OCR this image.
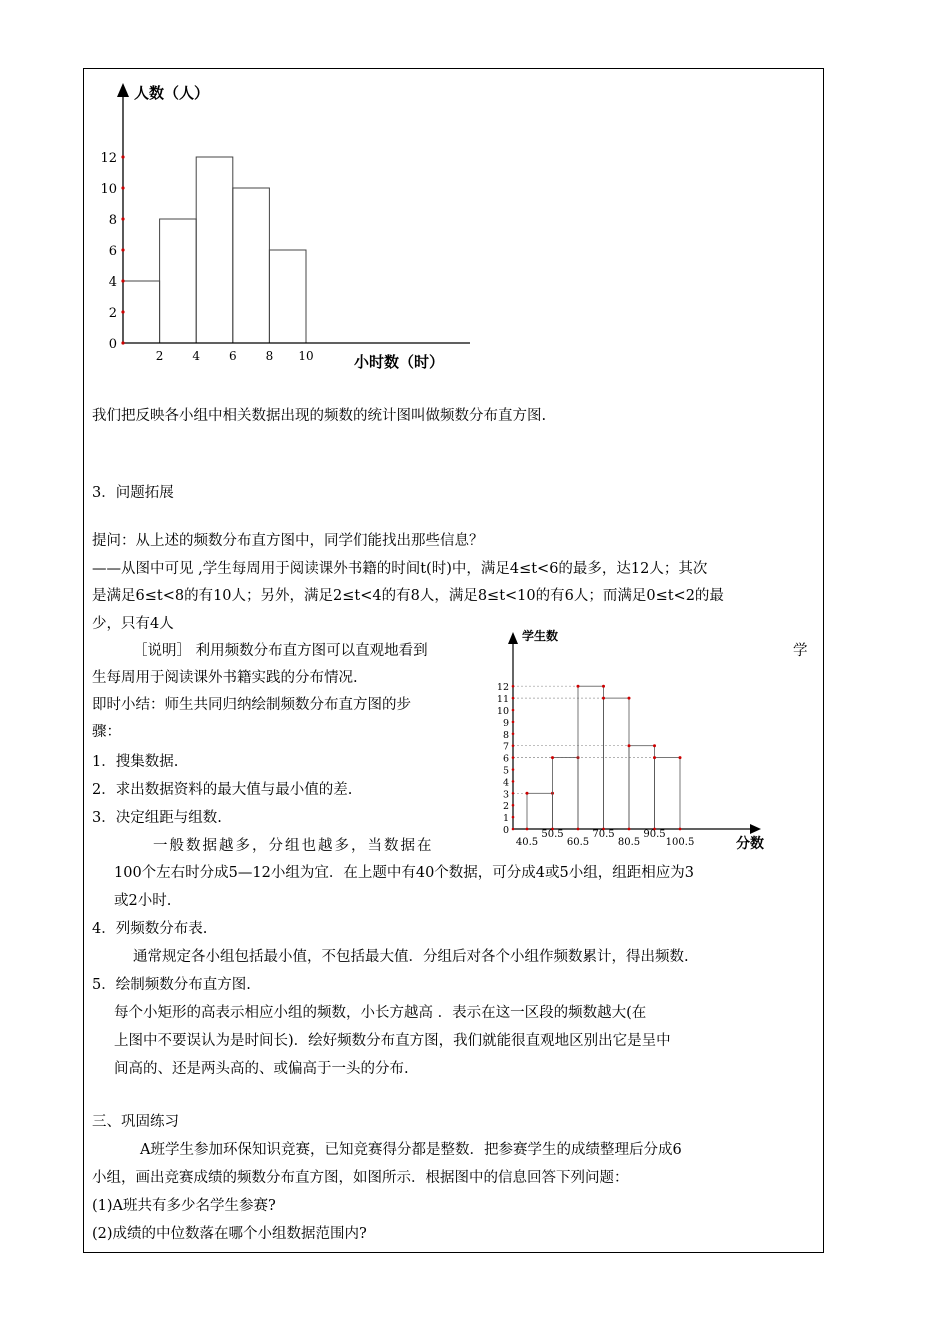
0
2
4
6
8
10
12
2 4 6 8 10
人数（人）
小时数（时）
0
1
2
3
4
5
6
7
8
9
10
11
12
40.5
50.5
60.5
70.5
80.5
90.5
100.5
学生数
分数
我们把反映各小组中相关数据出现的频数的统计图叫做频数分布直方图.
3．问题拓展
提问：从上述的频数分布直方图中，同学们能找出那些信息？
——从图中可见 ,学生每周用于阅读课外书籍的时间t(时)中，满足4≤t<6的最多，达12人；其次
是满足6≤t<8的有10人；另外，满足2≤t<4的有8人，满足8≤t<10的有6人；而满足0≤t<2的最
少，只有4人
［说明］ 利用频数分布直方图可以直观地看到	学
生每周用于阅读课外书籍实践的分布情况.
即时小结：师生共同归纳绘制频数分布直方图的步
骤：
1．搜集数据.
2．求出数据资料的最大值与最小值的差.
3．决定组距与组数.
一般数据越多，分组也越多，当数据在
100个左右时分成5—12小组为宜．在上题中有40个数据，可分成4或5小组，组距相应为3
或2小时.
4．列频数分布表.
通常规定各小组包括最小值，不包括最大值．分组后对各个小组作频数累计，得出频数.
5．绘制频数分布直方图.
每个小矩形的高表示相应小组的频数，小长方越高 ．表示在这一区段的频数越大(在
上图中不要误认为是时间长)．绘好频数分布直方图，我们就能很直观地区别出它是呈中
间高的、还是两头高的、或偏高于一头的分布.
三、巩固练习
A班学生参加环保知识竞赛，已知竞赛得分都是整数．把参赛学生的成绩整理后分成6
小组，画出竞赛成绩的频数分布直方图，如图所示．根据图中的信息回答下列问题：
(1)A班共有多少名学生参赛?
(2)成绩的中位数落在哪个小组数据范围内?
